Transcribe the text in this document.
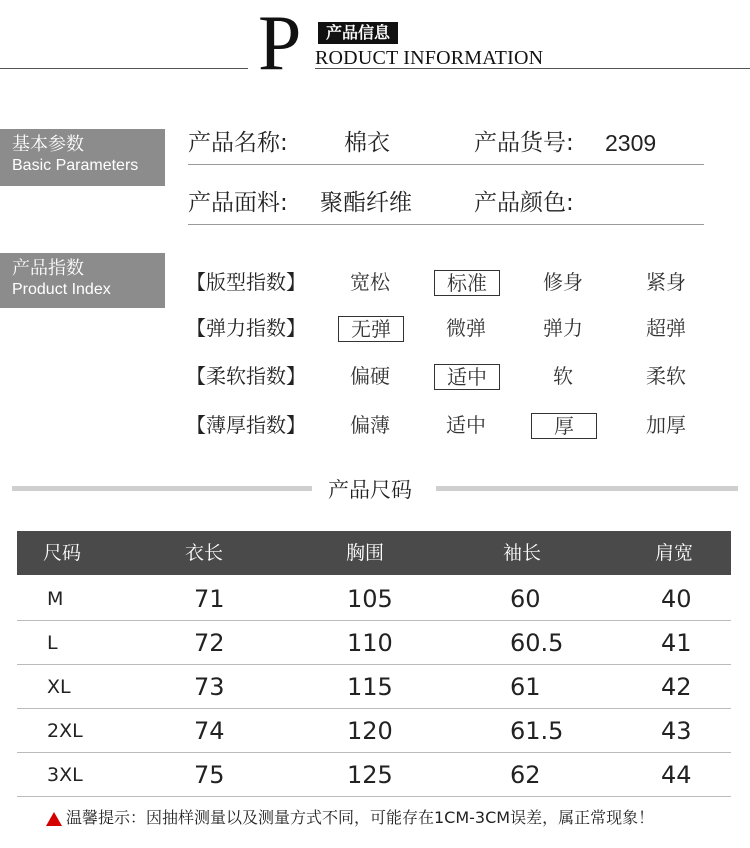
P	产品信息
RODUCT INFORMATION
基本参数
Basic Parameters
产品名称: 棉衣	产品货号: 2309
产品面料: 聚酯纤维	产品颜色:
产品指数
Product Index	【版型指数】	宽松	标准	修身	紧身
【弹力指数】	无弹	微弹	弹力	超弹
【柔软指数】	偏硬	适中	软	柔软
【薄厚指数】	偏薄	适中	厚	加厚
产品尺码
尺码	衣长	胸围	袖长	肩宽
M	71	105	60	40
L	72	110	60.5	41
XL	73	115	61	42
2XL	74	120	61.5	43
3XL	75	125	62	44
温馨提示：因抽样测量以及测量方式不同，可能存在1CM-3CM误差，属正常现象！
